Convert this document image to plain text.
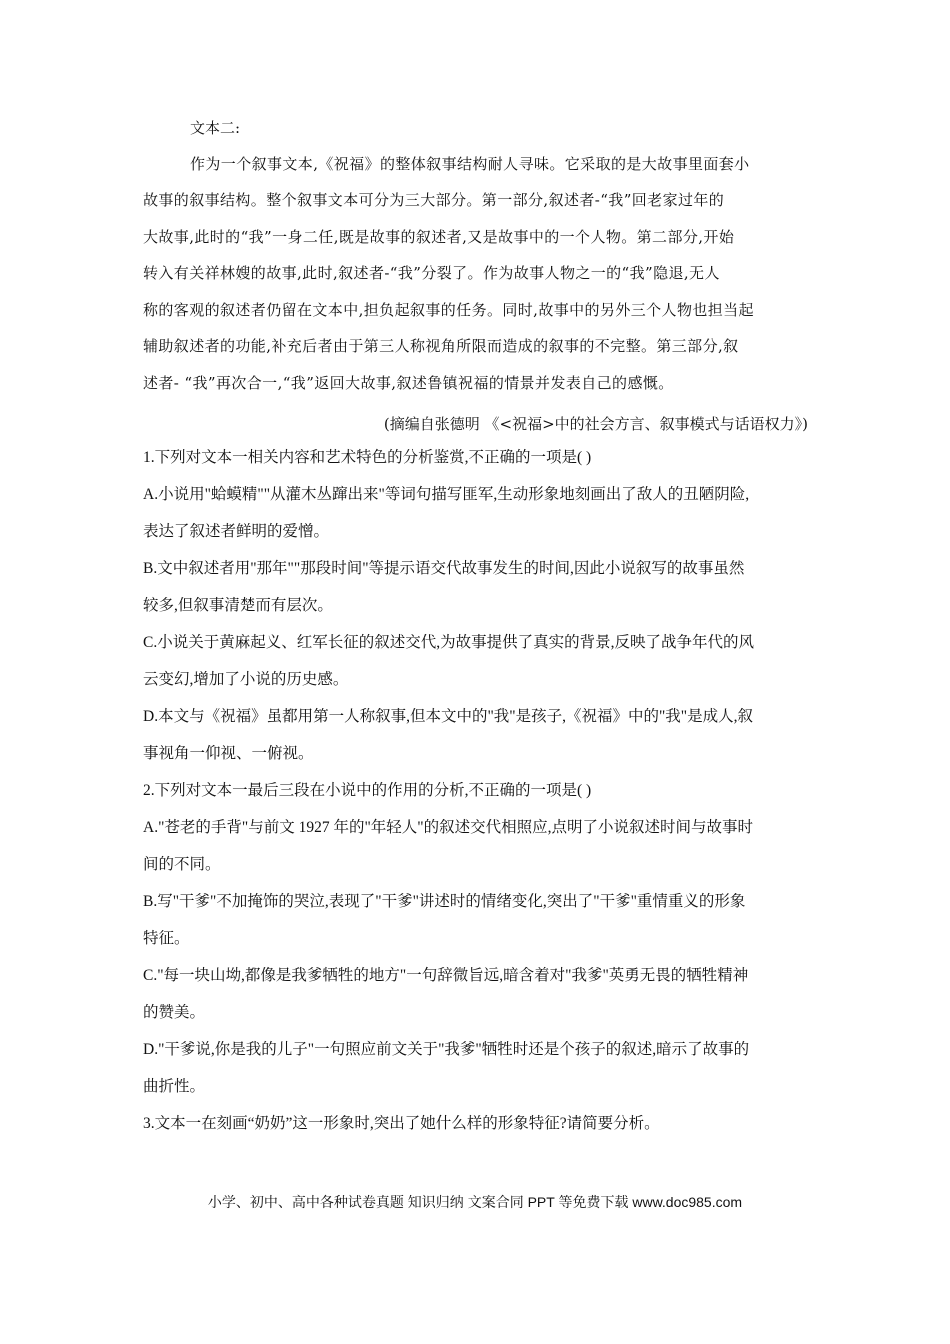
文本二:
作为一个叙事文本,《祝福》的整体叙事结构耐人寻味。它采取的是大故事里面套小
故事的叙事结构。整个叙事文本可分为三大部分。第一部分,叙述者-“我”回老家过年的
大故事,此时的“我”一身二任,既是故事的叙述者,又是故事中的一个人物。第二部分,开始
转入有关祥林嫂的故事,此时,叙述者-“我”分裂了。作为故事人物之一的“我”隐退,无人
称的客观的叙述者仍留在文本中,担负起叙事的任务。同时,故事中的另外三个人物也担当起
辅助叙述者的功能,补充后者由于第三人称视角所限而造成的叙事的不完整。第三部分,叙
述者- “我”再次合一,“我”返回大故事,叙述鲁镇祝福的情景并发表自己的感慨。
(摘编自张德明 《<祝福>中的社会方言、叙事模式与话语权力》)
1.下列对文本一相关内容和艺术特色的分析鉴赏,不正确的一项是( )
A.小说用"蛤蟆精""从灌木丛蹿出来"等词句描写匪军,生动形象地刻画出了敌人的丑陋阴险,
表达了叙述者鲜明的爱憎。
B.文中叙述者用"那年""那段时间"等提示语交代故事发生的时间,因此小说叙写的故事虽然
较多,但叙事清楚而有层次。
C.小说关于黄麻起义、红军长征的叙述交代,为故事提供了真实的背景,反映了战争年代的风
云变幻,增加了小说的历史感。
D.本文与《祝福》虽都用第一人称叙事,但本文中的"我"是孩子,《祝福》中的"我"是成人,叙
事视角一仰视、一俯视。
2.下列对文本一最后三段在小说中的作用的分析,不正确的一项是( )
A."苍老的手背"与前文 1927 年的"年轻人"的叙述交代相照应,点明了小说叙述时间与故事时
间的不同。
B.写"干爹"不加掩饰的哭泣,表现了"干爹"讲述时的情绪变化,突出了"干爹"重情重义的形象
特征。
C."每一块山坳,都像是我爹牺牲的地方"一句辞微旨远,暗含着对"我爹"英勇无畏的牺牲精神
的赞美。
D."干爹说,你是我的儿子"一句照应前文关于"我爹"牺牲时还是个孩子的叙述,暗示了故事的
曲折性。
3.文本一在刻画“奶奶”这一形象时,突出了她什么样的形象特征?请简要分析。
小学、初中、高中各种试卷真题 知识归纳 文案合同 PPT 等免费下载 www.doc985.com
